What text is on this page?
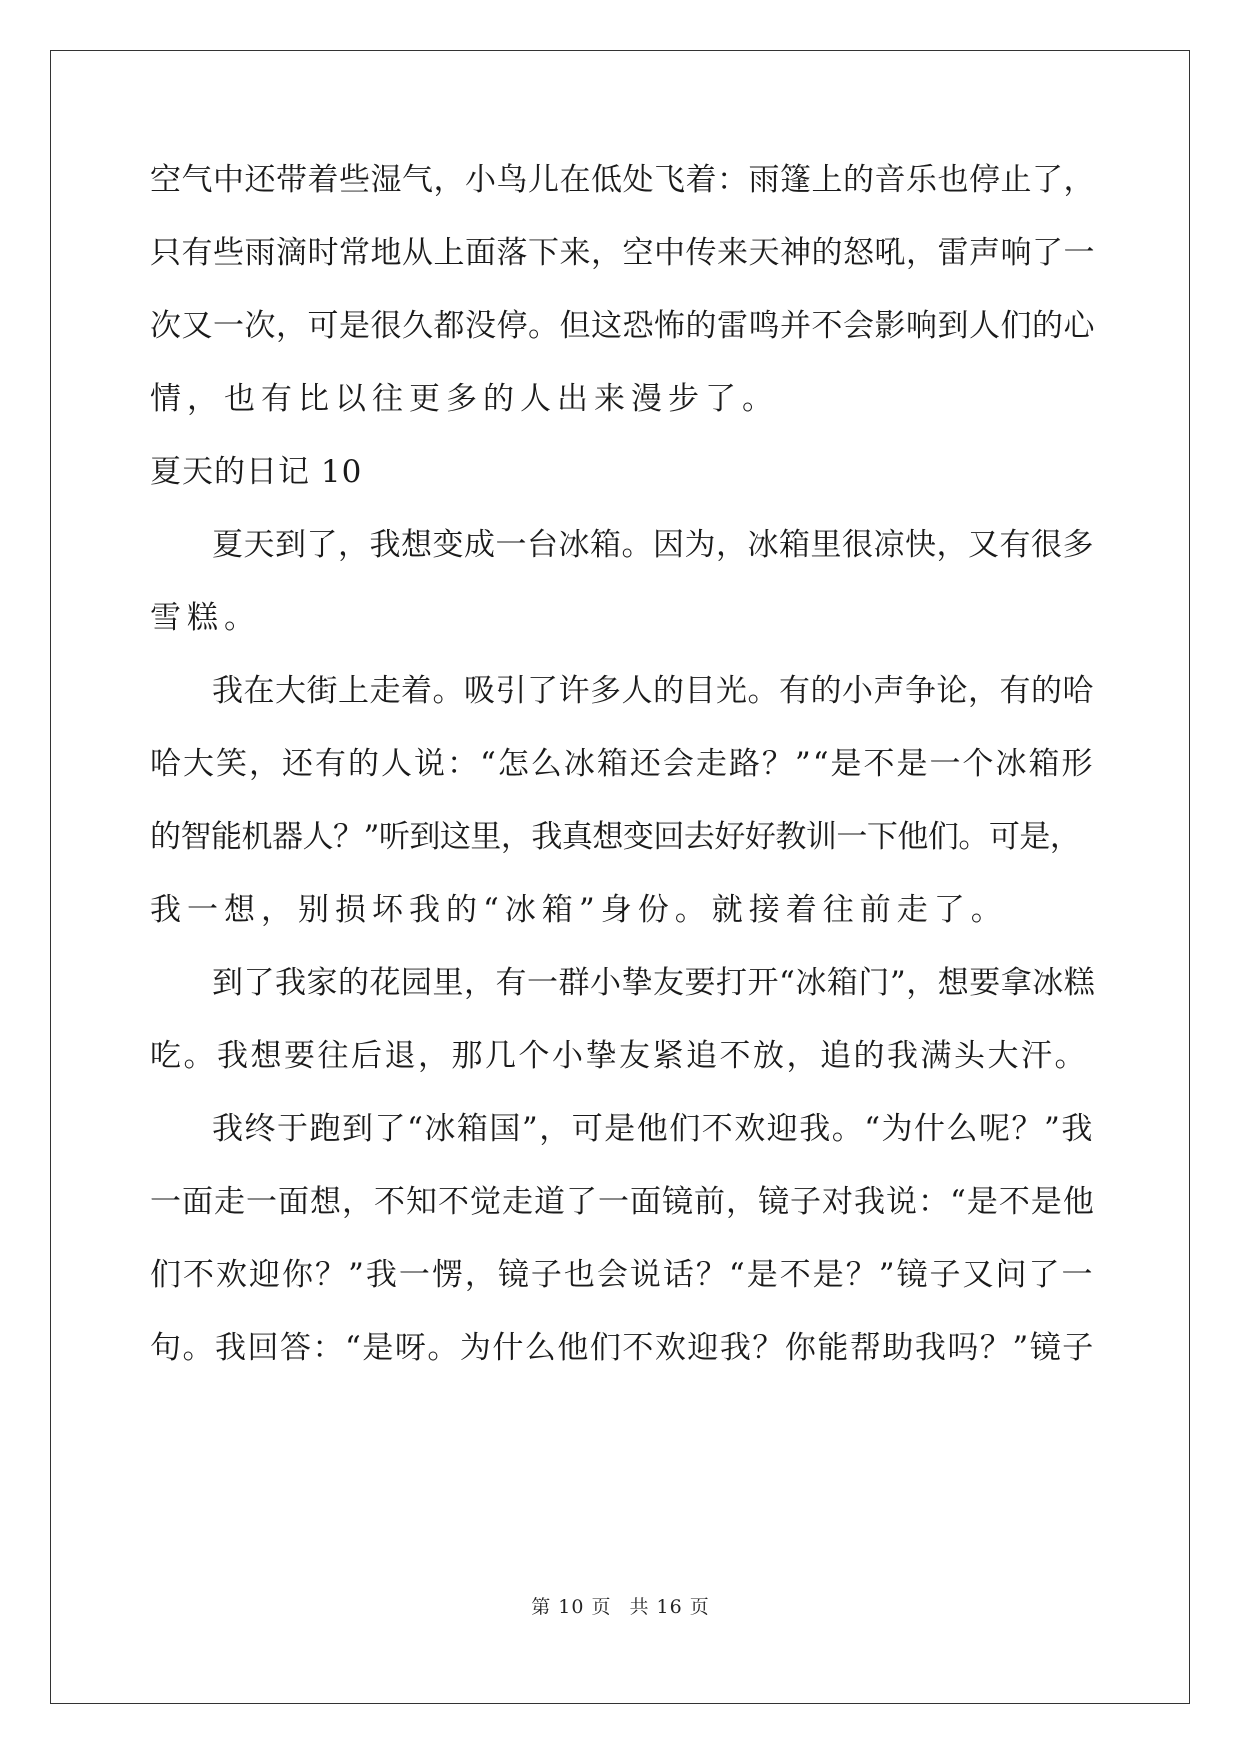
空气中还带着些湿气，小鸟儿在低处飞着：雨篷上的音乐也停止了，
只有些雨滴时常地从上面落下来，空中传来天神的怒吼，雷声响了一
次又一次，可是很久都没停。但这恐怖的雷鸣并不会影响到人们的心
情，也有比以往更多的人出来漫步了。
夏天的日记 10
夏天到了，我想变成一台冰箱。因为，冰箱里很凉快，又有很多
雪糕。
我在大街上走着。吸引了许多人的目光。有的小声争论，有的哈
哈大笑，还有的人说：“怎么冰箱还会走路？”“是不是一个冰箱形
的智能机器人？”听到这里，我真想变回去好好教训一下他们。可是，
我一想，别损坏我的“冰箱”身份。就接着往前走了。
到了我家的花园里，有一群小挚友要打开“冰箱门”，想要拿冰糕
吃。我想要往后退，那几个小挚友紧追不放，追的我满头大汗。
我终于跑到了“冰箱国”，可是他们不欢迎我。“为什么呢？”我
一面走一面想，不知不觉走道了一面镜前，镜子对我说：“是不是他
们不欢迎你？”我一愣，镜子也会说话？“是不是？”镜子又问了一
句。我回答：“是呀。为什么他们不欢迎我？你能帮助我吗？”镜子
第 10 页 共 16 页
